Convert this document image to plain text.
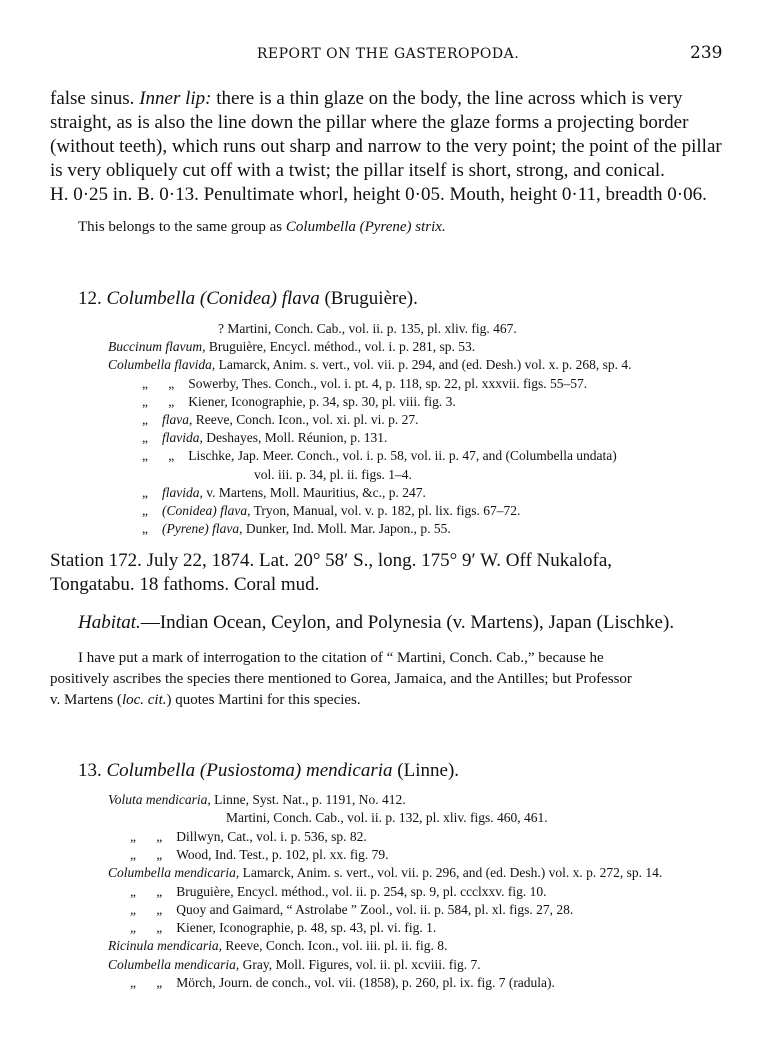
REPORT ON THE GASTEROPODA.	239
false sinus. Inner lip: there is a thin glaze on the body, the line across which is very
straight, as is also the line down the pillar where the glaze forms a projecting border
(without teeth), which runs out sharp and narrow to the very point; the point of the pillar
is very obliquely cut off with a twist; the pillar itself is short, strong, and conical.
H. 0·25 in. B. 0·13. Penultimate whorl, height 0·05. Mouth, height 0·11, breadth 0·06.
This belongs to the same group as Columbella (Pyrene) strix.
12. Columbella (Conidea) flava (Bruguière).
? Martini, Conch. Cab., vol. ii. p. 135, pl. xliv. fig. 467.
Buccinum flavum, Bruguière, Encycl. méthod., vol. i. p. 281, sp. 53.
Columbella flavida, Lamarck, Anim. s. vert., vol. vii. p. 294, and (ed. Desh.) vol. x. p. 268, sp. 4.
„      „ Sowerby, Thes. Conch., vol. i. pt. 4, p. 118, sp. 22, pl. xxxvii. figs. 55–57.
„      „ Kiener, Iconographie, p. 34, sp. 30, pl. viii. fig. 3.
„ flava, Reeve, Conch. Icon., vol. xi. pl. vi. p. 27.
„ flavida, Deshayes, Moll. Réunion, p. 131.
„      „ Lischke, Jap. Meer. Conch., vol. i. p. 58, vol. ii. p. 47, and (Columbella undata)
vol. iii. p. 34, pl. ii. figs. 1–4.
„ flavida, v. Martens, Moll. Mauritius, &c., p. 247.
„ (Conidea) flava, Tryon, Manual, vol. v. p. 182, pl. lix. figs. 67–72.
„ (Pyrene) flava, Dunker, Ind. Moll. Mar. Japon., p. 55.
Station 172. July 22, 1874. Lat. 20° 58′ S., long. 175° 9′ W. Off Nukalofa,
Tongatabu. 18 fathoms. Coral mud.
Habitat.—Indian Ocean, Ceylon, and Polynesia (v. Martens), Japan (Lischke).
I have put a mark of interrogation to the citation of “ Martini, Conch. Cab.,” because he
positively ascribes the species there mentioned to Gorea, Jamaica, and the Antilles; but Professor
v. Martens (loc. cit.) quotes Martini for this species.
13. Columbella (Pusiostoma) mendicaria (Linne).
Voluta mendicaria, Linne, Syst. Nat., p. 1191, No. 412.
Martini, Conch. Cab., vol. ii. p. 132, pl. xliv. figs. 460, 461.
„      „ Dillwyn, Cat., vol. i. p. 536, sp. 82.
„      „ Wood, Ind. Test., p. 102, pl. xx. fig. 79.
Columbella mendicaria, Lamarck, Anim. s. vert., vol. vii. p. 296, and (ed. Desh.) vol. x. p. 272, sp. 14.
„      „ Bruguière, Encycl. méthod., vol. ii. p. 254, sp. 9, pl. ccclxxv. fig. 10.
„      „ Quoy and Gaimard, “ Astrolabe ” Zool., vol. ii. p. 584, pl. xl. figs. 27, 28.
„      „ Kiener, Iconographie, p. 48, sp. 43, pl. vi. fig. 1.
Ricinula mendicaria, Reeve, Conch. Icon., vol. iii. pl. ii. fig. 8.
Columbella mendicaria, Gray, Moll. Figures, vol. ii. pl. xcviii. fig. 7.
„      „ Mörch, Journ. de conch., vol. vii. (1858), p. 260, pl. ix. fig. 7 (radula).
